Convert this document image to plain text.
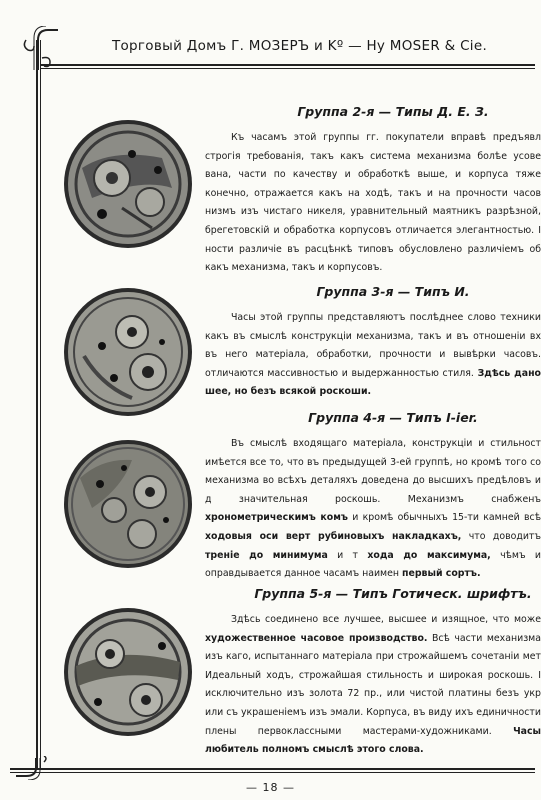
Торговый Домъ Г. МОЗЕРЪ и Kº — Hy MOSER & Cie.
Группа 2-я — Типы Д. Е. З.
Къ часамъ этой группы гг. покупатели вправѣ предъявл строгія требованія, такъ какъ система механизма болѣе усове вана, части по качеству и обработкѣ выше, и корпуса тяже конечно, отражается какъ на ходѣ, такъ и на прочности часов низмъ изъ чистаго никеля, уравнительный маятникъ разрѣзной, брегетовскій и обработка корпусовъ отличается элегантностью. I ности различіе въ расцѣнкѣ типовъ обусловлено различіемъ об какъ механизма, такъ и корпусовъ.
Группа 3-я — Типъ И.
Часы этой группы представляютъ послѣднее слово техники какъ въ смыслѣ конструкціи механизма, такъ и въ отношеніи вх въ него матеріала, обработки, прочности и вывѣрки часовъ. отличаются массивностью и выдержанностью стиля. Здѣсь дано шее, но безъ всякой роскоши.
Группа 4-я — Типъ I-ier.
Въ смыслѣ входящаго матеріала, конструкціи и стильност имѣется все то, что въ предыдущей 3-ей группѣ, но кромѣ того со механизма во всѣхъ деталяхъ доведена до высшихъ предѣловъ и д значительная роскошь. Механизмъ снабженъ хронометрическимъ комъ и кромѣ обычныхъ 15-ти камней всѣ ходовыя оси верт рубиновыхъ накладкахъ, что доводитъ треніе до минимума и т хода до максимума, чѣмъ и оправдывается данное часамъ наимен первый сортъ.
Группа 5-я — Типъ Готическ. шрифтъ.
Здѣсь соединено все лучшее, высшее и изящное, что може художественное часовое производство. Всѣ части механизма изъ каго, испытаннаго матеріала при строжайшемъ сочетаніи мет Идеальный ходъ, строжайшая стильность и широкая роскошь. I исключительно изъ золота 72 пр., или чистой платины безъ укр или съ украшеніемъ изъ эмали. Корпуса, въ виду ихъ единичности плены первоклассными мастерами-художниками. Часы любитель полномъ смыслѣ этого слова.
— 18 —
